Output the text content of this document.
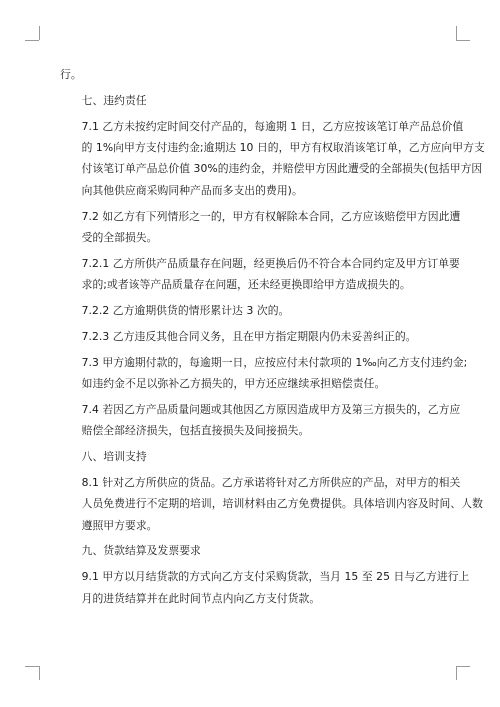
行。
七、违约责任
7.1 乙方未按约定时间交付产品的，每逾期 1 日，乙方应按该笔订单产品总价值
的 1%向甲方支付违约金;逾期达 10 日的，甲方有权取消该笔订单，乙方应向甲方支
付该笔订单产品总价值 30%的违约金，并赔偿甲方因此遭受的全部损失(包括甲方因
向其他供应商采购同种产品而多支出的费用)。
7.2 如乙方有下列情形之一的，甲方有权解除本合同，乙方应该赔偿甲方因此遭
受的全部损失。
7.2.1 乙方所供产品质量存在问题，经更换后仍不符合本合同约定及甲方订单要
求的;或者该等产品质量存在问题，还未经更换即给甲方造成损失的。
7.2.2 乙方逾期供货的情形累计达 3 次的。
7.2.3 乙方违反其他合同义务，且在甲方指定期限内仍未妥善纠正的。
7.3 甲方逾期付款的，每逾期一日，应按应付未付款项的 1‰向乙方支付违约金;
如违约金不足以弥补乙方损失的，甲方还应继续承担赔偿责任。
7.4 若因乙方产品质量问题或其他因乙方原因造成甲方及第三方损失的，乙方应
赔偿全部经济损失，包括直接损失及间接损失。
八、培训支持
8.1 针对乙方所供应的货品。乙方承诺将针对乙方所供应的产品，对甲方的相关
人员免费进行不定期的培训，培训材料由乙方免费提供。具体培训内容及时间、人数
遵照甲方要求。
九、货款结算及发票要求
9.1 甲方以月结货款的方式向乙方支付采购货款，当月 15 至 25 日与乙方进行上
月的进货结算并在此时间节点内向乙方支付货款。
